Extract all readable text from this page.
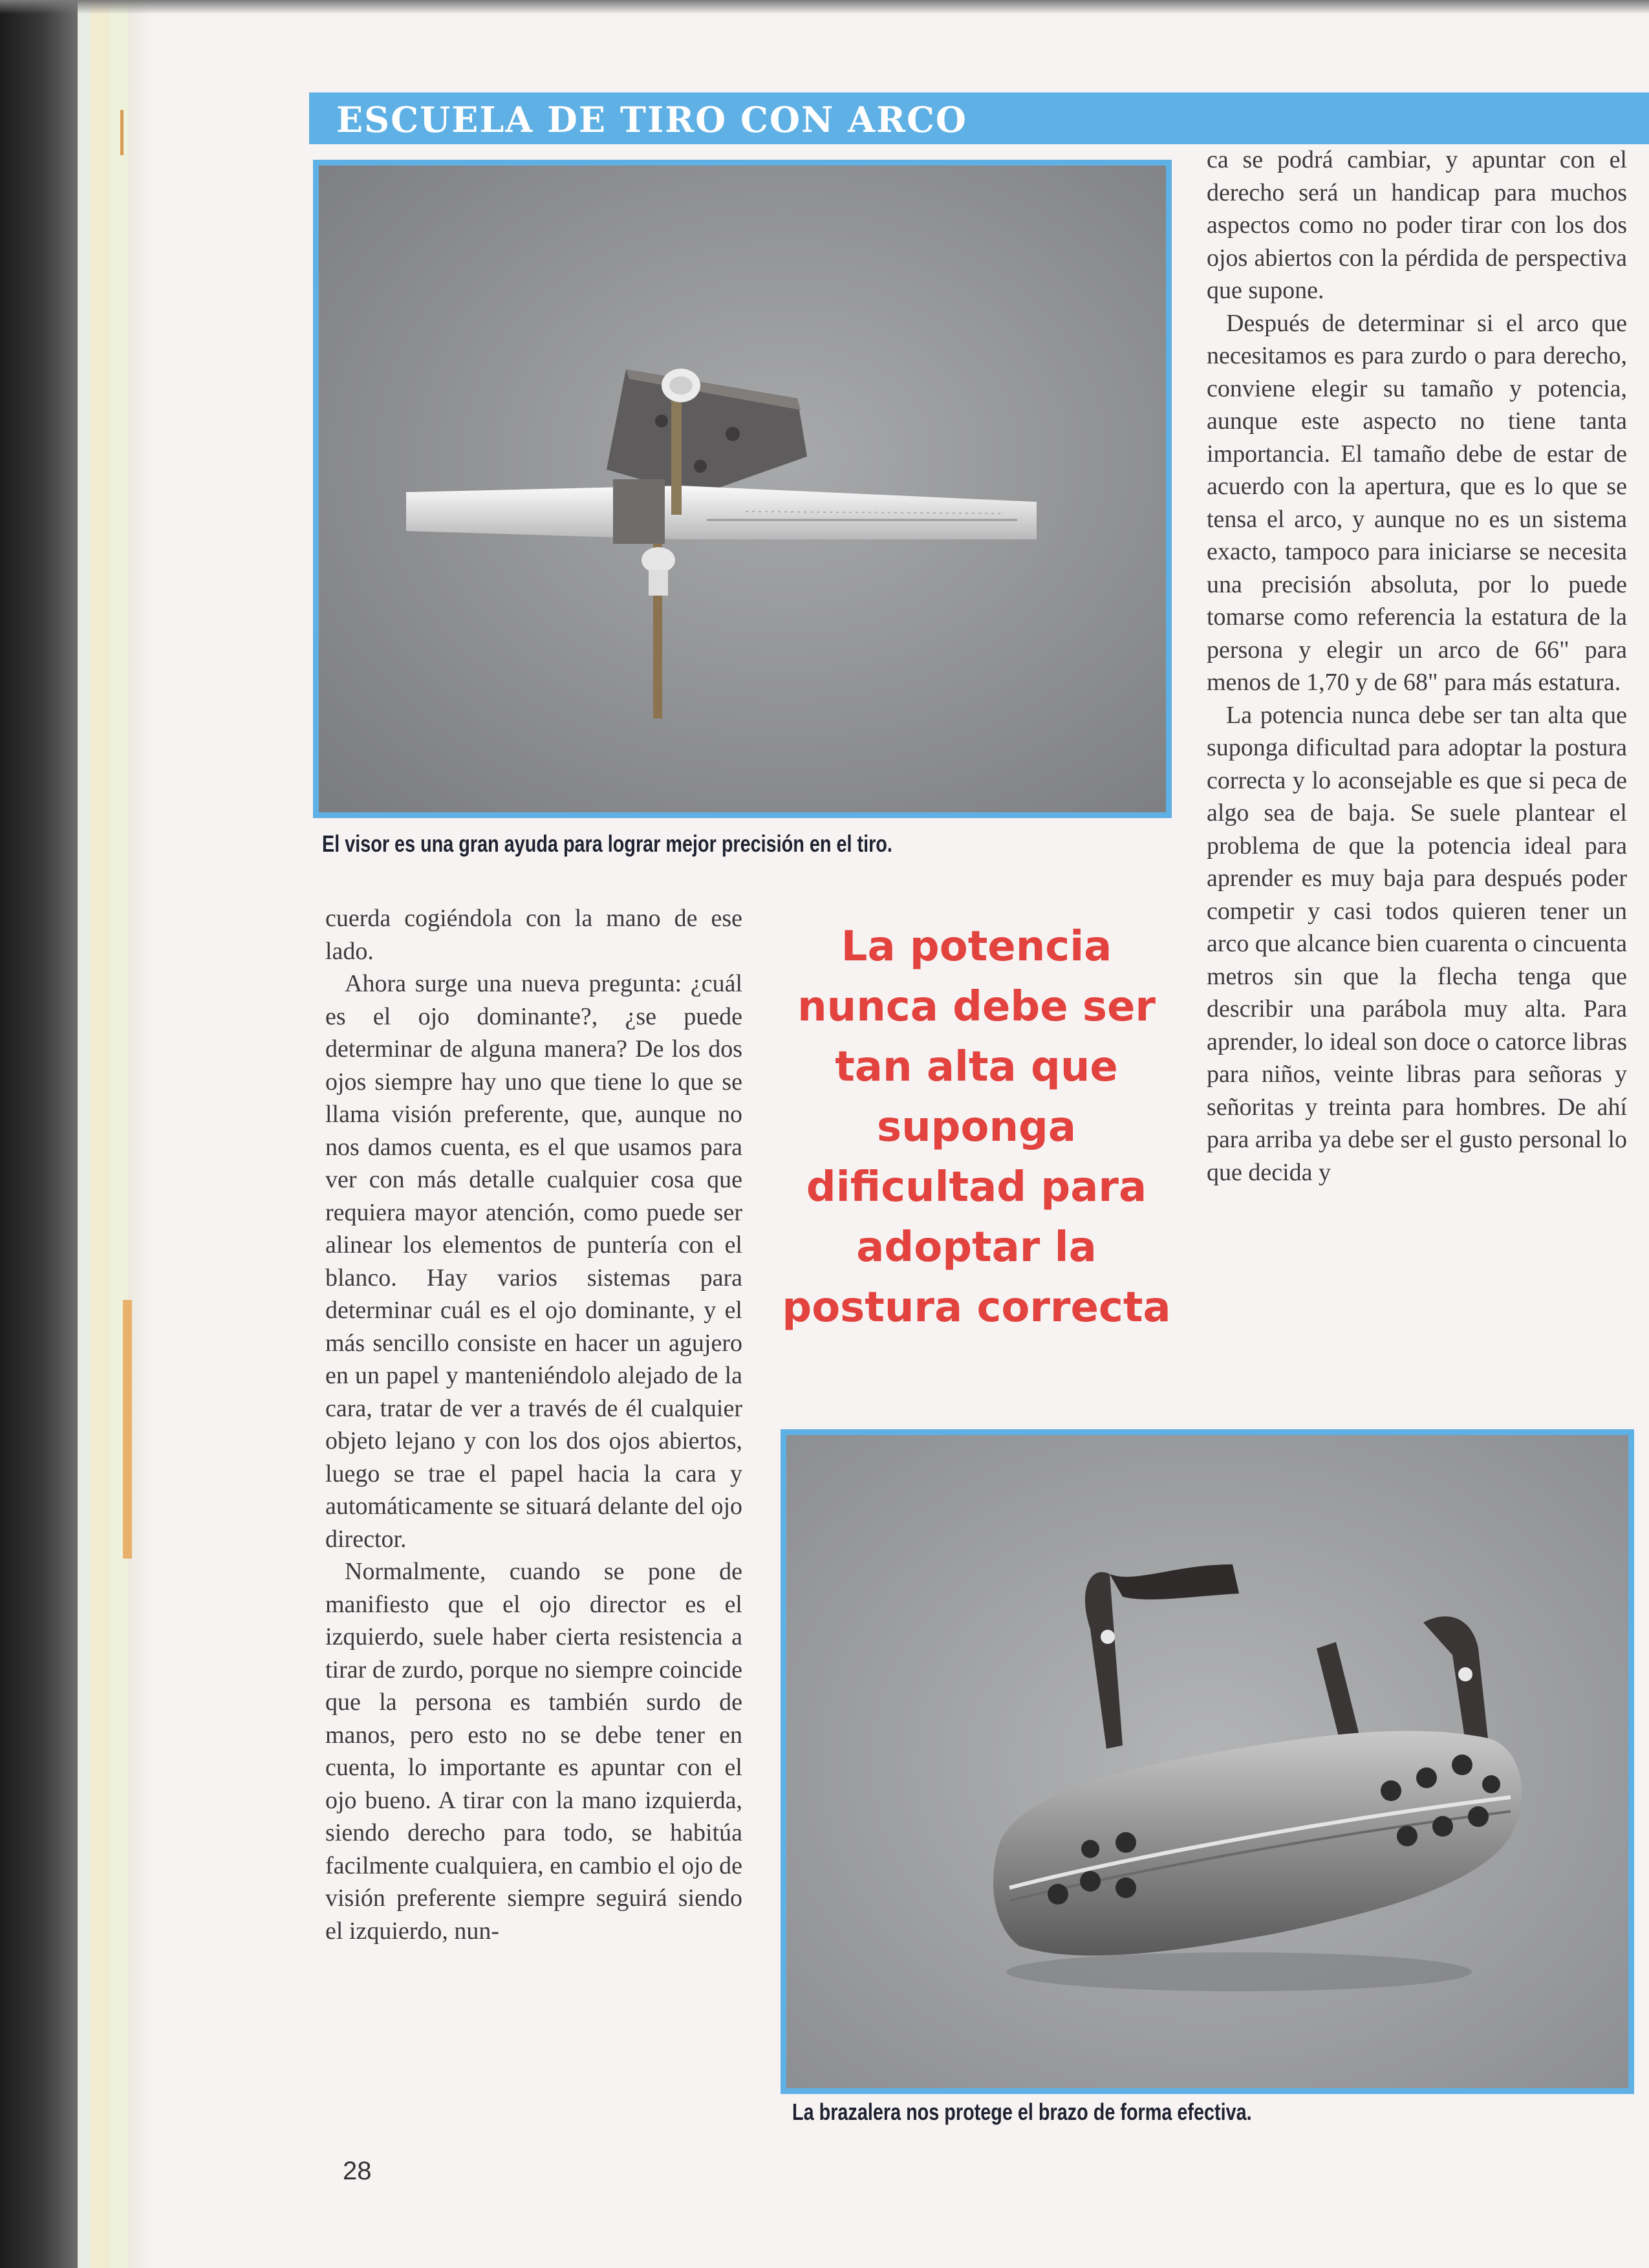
ESCUELA DE TIRO CON ARCO

El visor es una gran ayuda para lograr mejor precisión en el tiro.

cuerda cogiéndola con la mano de ese lado.

Ahora surge una nueva pregunta: ¿cuál es el ojo dominante?, ¿se puede determinar de alguna manera? De los dos ojos siempre hay uno que tiene lo que se llama visión preferente, que, aunque no nos damos cuenta, es el que usamos para ver con más detalle cualquier cosa que requiera mayor atención, como puede ser alinear los elementos de puntería con el blanco. Hay varios sistemas para determinar cuál es el ojo dominante, y el más sencillo consiste en hacer un agujero en un papel y manteniéndolo alejado de la cara, tratar de ver a través de él cualquier objeto lejano y con los dos ojos abiertos, luego se trae el papel hacia la cara y automáticamente se situará delante del ojo director.

Normalmente, cuando se pone de manifiesto que el ojo director es el izquierdo, suele haber cierta resistencia a tirar de zurdo, porque no siempre coincide que la persona es también surdo de manos, pero esto no se debe tener en cuenta, lo importante es apuntar con el ojo bueno. A tirar con la mano izquierda, siendo derecho para todo, se habitúa facilmente cualquiera, en cambio el ojo de visión preferente siempre seguirá siendo el izquierdo, nun-

La potencia nunca debe ser tan alta que suponga dificultad para adoptar la postura correcta

ca se podrá cambiar, y apuntar con el derecho será un handicap para muchos aspectos como no poder tirar con los dos ojos abiertos con la pérdida de perspectiva que supone.

Después de determinar si el arco que necesitamos es para zurdo o para derecho, conviene elegir su tamaño y potencia, aunque este aspecto no tiene tanta importancia. El tamaño debe de estar de acuerdo con la apertura, que es lo que se tensa el arco, y aunque no es un sistema exacto, tampoco para iniciarse se necesita una precisión absoluta, por lo puede tomarse como referencia la estatura de la persona y elegir un arco de 66" para menos de 1,70 y de 68" para más estatura.

La potencia nunca debe ser tan alta que suponga dificultad para adoptar la postura correcta y lo aconsejable es que si peca de algo sea de baja. Se suele plantear el problema de que la potencia ideal para aprender es muy baja para después poder competir y casi todos quieren tener un arco que alcance bien cuarenta o cincuenta metros sin que la flecha tenga que describir una parábola muy alta. Para aprender, lo ideal son doce o catorce libras para niños, veinte libras para señoras y señoritas y treinta para hombres. De ahí para arriba ya debe ser el gusto personal lo que decida y

La brazalera nos protege el brazo de forma efectiva.

28
